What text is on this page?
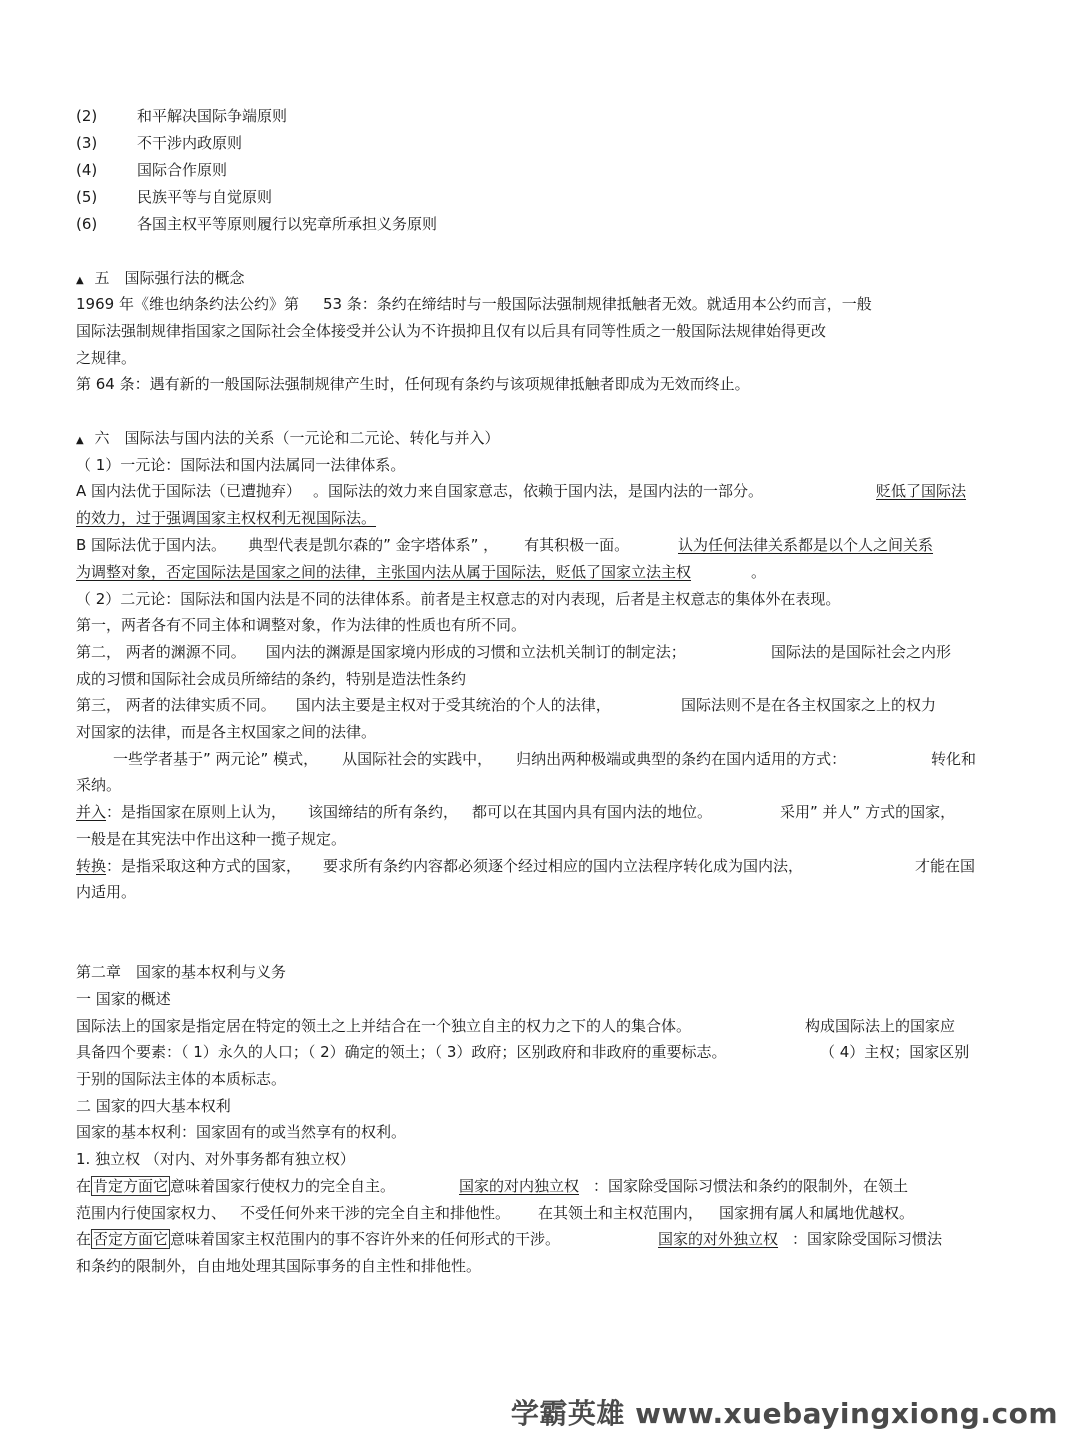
(2)	和平解决国际争端原则
(3)	不干涉内政原则
(4)	国际合作原则
(5)	民族平等与自觉原则
(6)	各国主权平等原则履行以宪章所承担义务原则
▲ 五　国际强行法的概念
1969 年《维也纳条约法公约》第 53 条：条约在缔结时与一般国际法强制规律抵触者无效。就适用本公约而言，一般
国际法强制规律指国家之国际社会全体接受并公认为不许损抑且仅有以后具有同等性质之一般国际法规律始得更改
之规律。
第 64 条：遇有新的一般国际法强制规律产生时，任何现有条约与该项规律抵触者即成为无效而终止。
▲ 六　国际法与国内法的关系（一元论和二元论、转化与并入）
（ 1）一元论：国际法和国内法属同一法律体系。
A 国内法优于国际法（已遭抛弃） 。国际法的效力来自国家意志，依赖于国内法，是国内法的一部分。	贬低了国际法
的效力，过于强调国家主权权利无视国际法。
B 国际法优于国内法。 典型代表是凯尔森的” 金字塔体系” ， 有其积极一面。	认为任何法律关系都是以个人之间关系
为调整对象，否定国际法是国家之间的法律，主张国内法从属于国际法，贬低了国家立法主权	。
（ 2）二元论：国际法和国内法是不同的法律体系。前者是主权意志的对内表现，后者是主权意志的集体外在表现。
第一，两者各有不同主体和调整对象，作为法律的性质也有所不同。
第二， 两者的渊源不同。 国内法的渊源是国家境内形成的习惯和立法机关制订的制定法；	国际法的是国际社会之内形
成的习惯和国际社会成员所缔结的条约，特别是造法性条约
第三， 两者的法律实质不同。 国内法主要是主权对于受其统治的个人的法律，	国际法则不是在各主权国家之上的权力
对国家的法律，而是各主权国家之间的法律。
一些学者基于” 两元论” 模式， 从国际社会的实践中， 归纳出两种极端或典型的条约在国内适用的方式：	转化和
采纳。
并入：是指国家在原则上认为， 该国缔结的所有条约， 都可以在其国内具有国内法的地位。	采用” 并人” 方式的国家，
一般是在其宪法中作出这种一揽子规定。
转换：是指采取这种方式的国家， 要求所有条约内容都必须逐个经过相应的国内立法程序转化成为国内法，	才能在国
内适用。
第二章　国家的基本权利与义务
一 国家的概述
国际法上的国家是指定居在特定的领土之上并结合在一个独立自主的权力之下的人的集合体。	构成国际法上的国家应
具备四个要素：（ 1）永久的人口；（ 2）确定的领土；（ 3）政府；区别政府和非政府的重要标志。	（ 4）主权；国家区别
于别的国际法主体的本质标志。
二 国家的四大基本权利
国家的基本权利：国家固有的或当然享有的权利。
1. 独立权 （对内、对外事务都有独立权）
在 肯定方面它 意味着国家行使权力的完全自主。	国家的对内独立权 ：国家除受国际习惯法和条约的限制外，在领土
范围内行使国家权力、 不受任何外来干涉的完全自主和排他性。 在其领土和主权范围内， 国家拥有属人和属地优越权。
在 否定方面它 意味着国家主权范围内的事不容许外来的任何形式的干涉。	国家的对外独立权 ：国家除受国际习惯法
和条约的限制外，自由地处理其国际事务的自主性和排他性。
学霸英雄 www.xuebayingxiong.com
